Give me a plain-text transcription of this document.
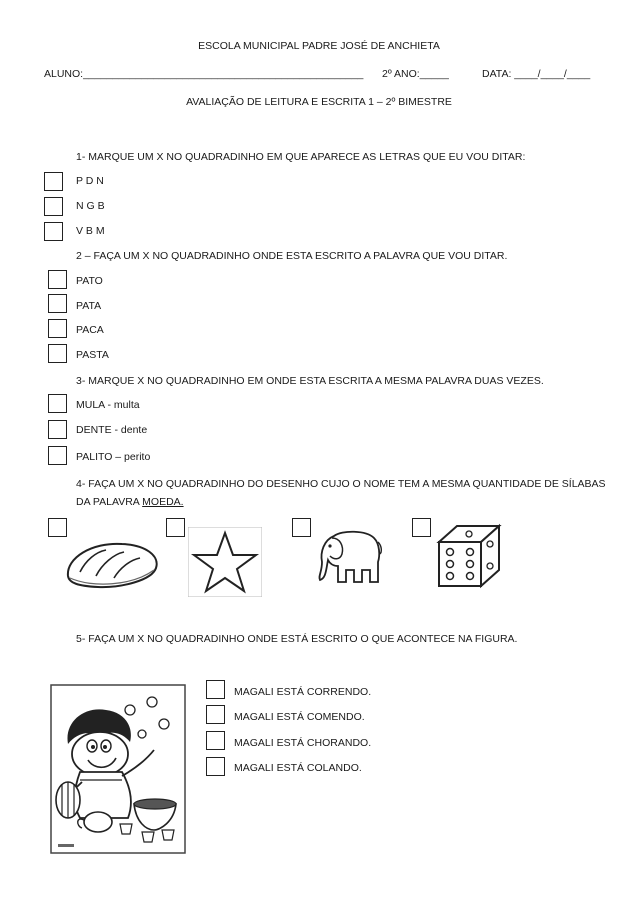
ESCOLA MUNICIPAL PADRE JOSÉ DE ANCHIETA
ALUNO:________________________________________________ 2º ANO:_____	DATA: ____/____/____
AVALIAÇÃO DE LEITURA E ESCRITA 1 – 2º BIMESTRE
1- MARQUE UM X NO QUADRADINHO EM QUE APARECE AS LETRAS QUE EU VOU DITAR:
P D N
N G B
V B M
2 – FAÇA UM X NO QUADRADINHO ONDE ESTA ESCRITO A PALAVRA QUE VOU DITAR.
PATO
PATA
PACA
PASTA
3- MARQUE X NO QUADRADINHO EM ONDE ESTA ESCRITA A MESMA PALAVRA DUAS VEZES.
MULA - multa
DENTE - dente
PALITO – perito
4- FAÇA UM X NO QUADRADINHO DO DESENHO CUJO O NOME TEM A MESMA QUANTIDADE DE SÍLABAS
DA PALAVRA MOEDA.
5- FAÇA UM X NO QUADRADINHO ONDE ESTÁ ESCRITO O QUE ACONTECE NA FIGURA.
MAGALI ESTÁ CORRENDO.
MAGALI ESTÁ COMENDO.
MAGALI ESTÁ CHORANDO.
MAGALI ESTÁ COLANDO.
